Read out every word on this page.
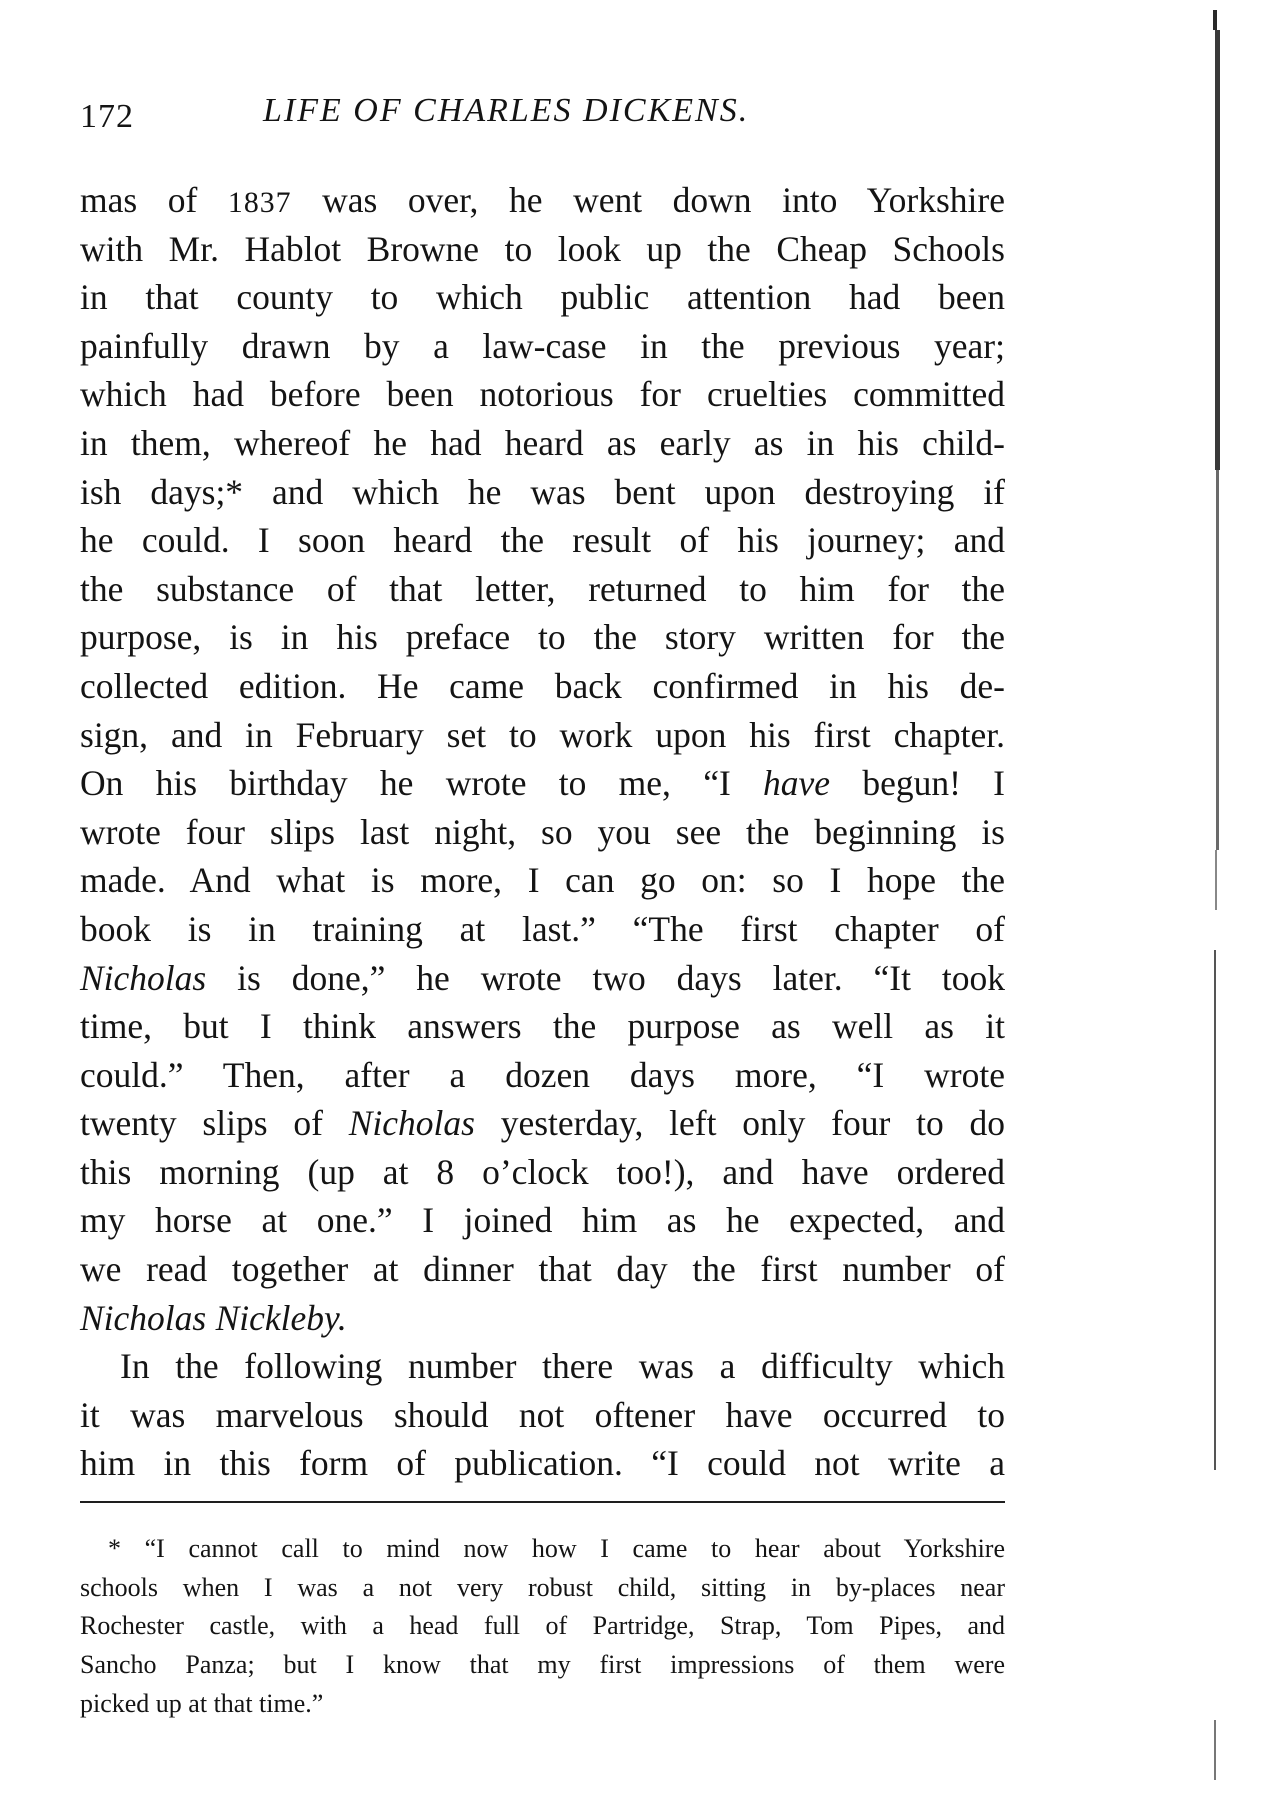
172	LIFE OF CHARLES DICKENS.
mas of 1837 was over, he went down into Yorkshire
with Mr. Hablot Browne to look up the Cheap Schools
in that county to which public attention had been
painfully drawn by a law-case in the previous year;
which had before been notorious for cruelties committed
in them, whereof he had heard as early as in his child-
ish days;* and which he was bent upon destroying if
he could. I soon heard the result of his journey; and
the substance of that letter, returned to him for the
purpose, is in his preface to the story written for the
collected edition. He came back confirmed in his de-
sign, and in February set to work upon his first chapter.
On his birthday he wrote to me, “I have begun! I
wrote four slips last night, so you see the beginning is
made. And what is more, I can go on: so I hope the
book is in training at last.” “The first chapter of
Nicholas is done,” he wrote two days later. “It took
time, but I think answers the purpose as well as it
could.” Then, after a dozen days more, “I wrote
twenty slips of Nicholas yesterday, left only four to do
this morning (up at 8 o’clock too!), and have ordered
my horse at one.” I joined him as he expected, and
we read together at dinner that day the first number of
Nicholas Nickleby.
In the following number there was a difficulty which
it was marvelous should not oftener have occurred to
him in this form of publication. “I could not write a
* “I cannot call to mind now how I came to hear about Yorkshire
schools when I was a not very robust child, sitting in by-places near
Rochester castle, with a head full of Partridge, Strap, Tom Pipes, and
Sancho Panza; but I know that my first impressions of them were
picked up at that time.”
